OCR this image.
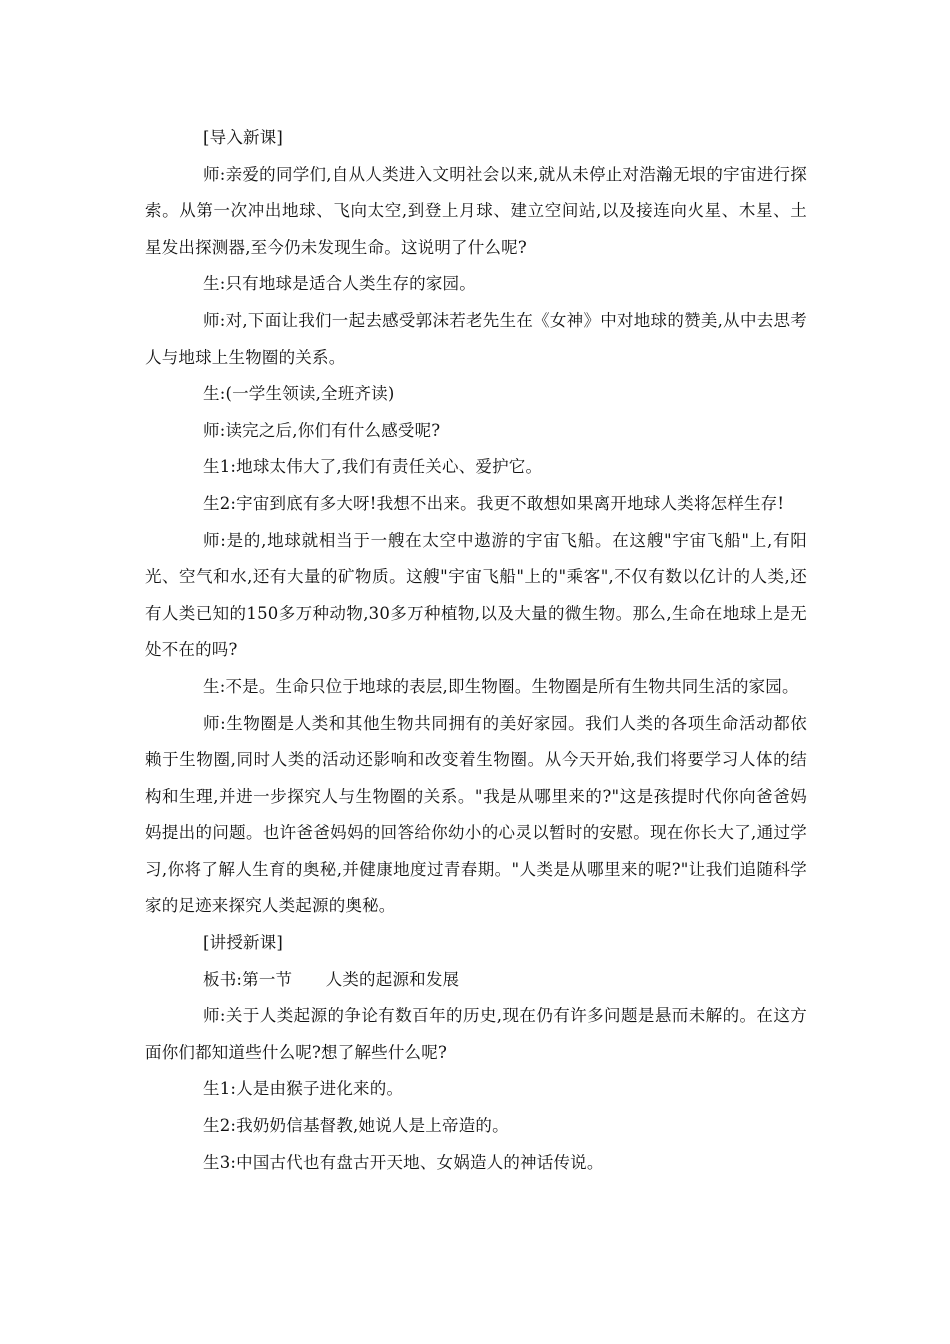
[导入新课]

师:亲爱的同学们,自从人类进入文明社会以来,就从未停止对浩瀚无垠的宇宙进行探索。从第一次冲出地球、飞向太空,到登上月球、建立空间站,以及接连向火星、木星、土星发出探测器,至今仍未发现生命。这说明了什么呢?

生:只有地球是适合人类生存的家园。

师:对,下面让我们一起去感受郭沫若老先生在《女神》中对地球的赞美,从中去思考人与地球上生物圈的关系。

生:(一学生领读,全班齐读)

师:读完之后,你们有什么感受呢?

生1:地球太伟大了,我们有责任关心、爱护它。

生2:宇宙到底有多大呀!我想不出来。我更不敢想如果离开地球人类将怎样生存!

师:是的,地球就相当于一艘在太空中遨游的宇宙飞船。在这艘"宇宙飞船"上,有阳光、空气和水,还有大量的矿物质。这艘"宇宙飞船"上的"乘客",不仅有数以亿计的人类,还有人类已知的150多万种动物,30多万种植物,以及大量的微生物。那么,生命在地球上是无处不在的吗?

生:不是。生命只位于地球的表层,即生物圈。生物圈是所有生物共同生活的家园。

师:生物圈是人类和其他生物共同拥有的美好家园。我们人类的各项生命活动都依赖于生物圈,同时人类的活动还影响和改变着生物圈。从今天开始,我们将要学习人体的结构和生理,并进一步探究人与生物圈的关系。"我是从哪里来的?"这是孩提时代你向爸爸妈妈提出的问题。也许爸爸妈妈的回答给你幼小的心灵以暂时的安慰。现在你长大了,通过学习,你将了解人生育的奥秘,并健康地度过青春期。"人类是从哪里来的呢?"让我们追随科学家的足迹来探究人类起源的奥秘。

[讲授新课]

板书:第一节　　人类的起源和发展

师:关于人类起源的争论有数百年的历史,现在仍有许多问题是悬而未解的。在这方面你们都知道些什么呢?想了解些什么呢?

生1:人是由猴子进化来的。

生2:我奶奶信基督教,她说人是上帝造的。

生3:中国古代也有盘古开天地、女娲造人的神话传说。
